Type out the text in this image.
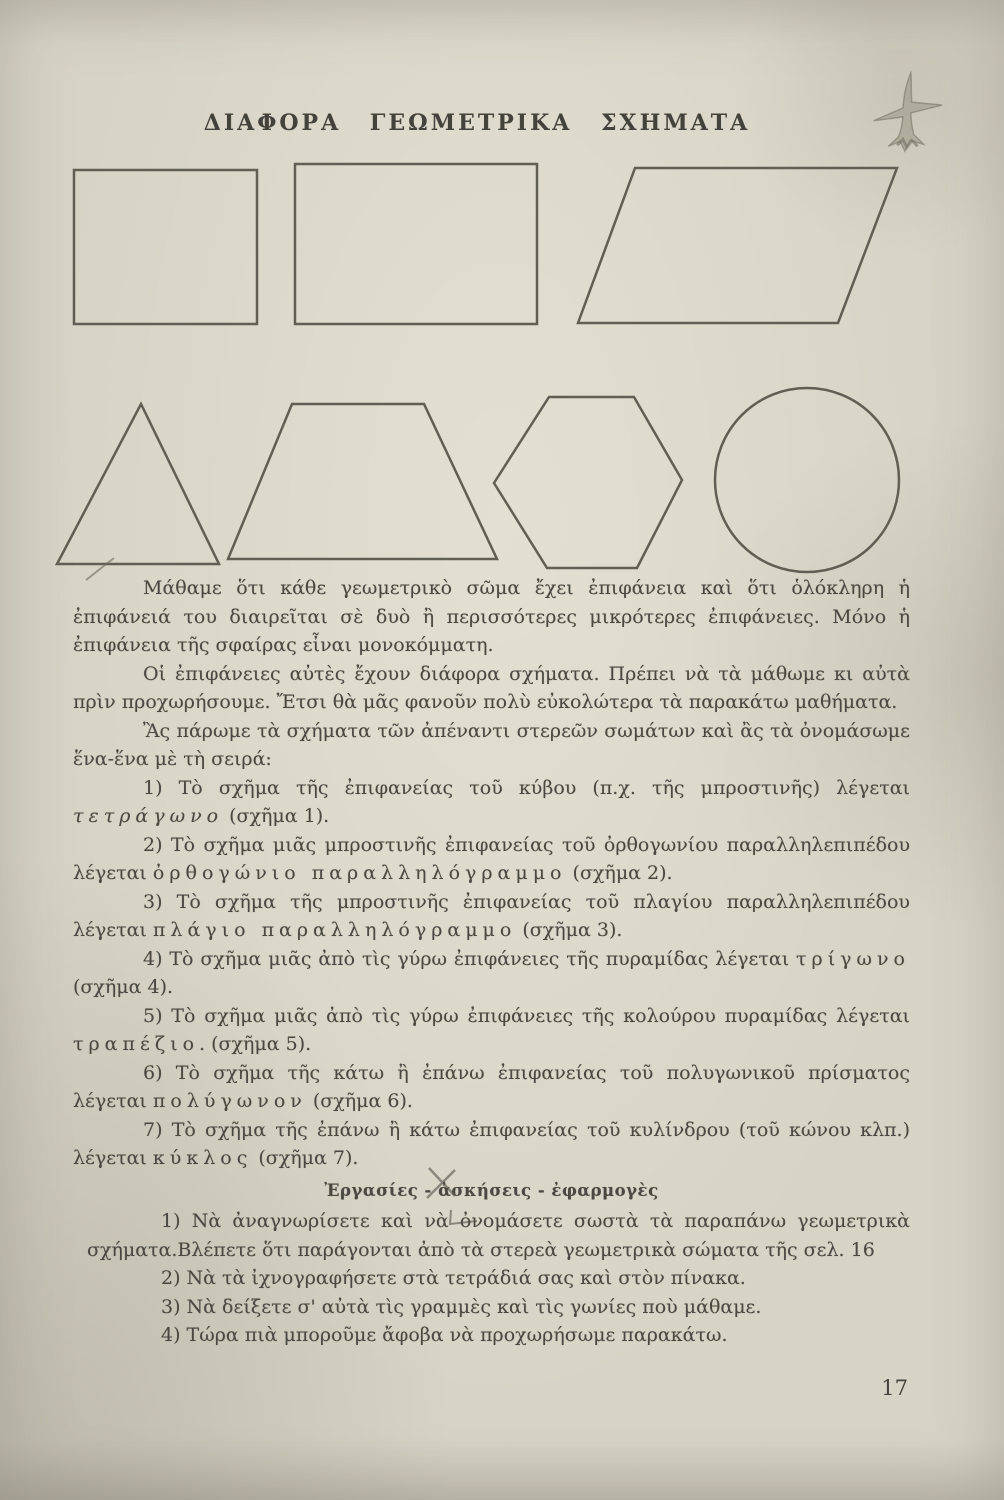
ΔΙΑΦΟΡΑ ΓΕΩΜΕΤΡΙΚΑ ΣΧΗΜΑΤΑ

Μάθαμε ὅτι κάθε γεωμετρικὸ σῶμα ἔχει ἐπιφάνεια καὶ ὅτι ὁλόκληρη ἡ ἐπιφάνειά του διαιρεῖται σὲ δυὸ ἢ περισσότερες μικρότερες ἐπιφάνειες. Μόνο ἡ ἐπιφάνεια τῆς σφαίρας εἶναι μονοκόμματη.

Οἱ ἐπιφάνειες αὐτὲς ἔχουν διάφορα σχήματα. Πρέπει νὰ τὰ μάθωμε κι αὐτὰ πρὶν προχωρήσουμε. Ἔτσι θὰ μᾶς φανοῦν πολὺ εὐκολώτερα τὰ παρακάτω μαθήματα.

Ἂς πάρωμε τὰ σχήματα τῶν ἀπέναντι στερεῶν σωμάτων καὶ ἂς τὰ ὀνομάσωμε ἕνα-ἕνα μὲ τὴ σειρά:

1) Τὸ σχῆμα τῆς ἐπιφανείας τοῦ κύβου (π.χ. τῆς μπροστινῆς) λέγεται τετράγωνο (σχῆμα 1).

2) Τὸ σχῆμα μιᾶς μπροστινῆς ἐπιφανείας τοῦ ὀρθογωνίου παραλληλεπιπέδου λέγεται ὀρθογώνιο παραλληλόγραμμο (σχῆμα 2).

3) Τὸ σχῆμα τῆς μπροστινῆς ἐπιφανείας τοῦ πλαγίου παραλληλεπιπέδου λέγεται πλάγιο παραλληλόγραμμο (σχῆμα 3).

4) Τὸ σχῆμα μιᾶς ἀπὸ τὶς γύρω ἐπιφάνειες τῆς πυραμίδας λέγεται τρίγωνο (σχῆμα 4).

5) Τὸ σχῆμα μιᾶς ἀπὸ τὶς γύρω ἐπιφάνειες τῆς κολούρου πυραμίδας λέγεται τραπέζιο. (σχῆμα 5).

6) Τὸ σχῆμα τῆς κάτω ἢ ἐπάνω ἐπιφανείας τοῦ πολυγωνικοῦ πρίσματος λέγεται πολύγωνον (σχῆμα 6).

7) Τὸ σχῆμα τῆς ἐπάνω ἢ κάτω ἐπιφανείας τοῦ κυλίνδρου (τοῦ κώνου κλπ.) λέγεται κύκλος (σχῆμα 7).

Ἐργασίες - ἀσκήσεις - ἐφαρμογὲς

1) Νὰ ἀναγνωρίσετε καὶ νὰ ὀνομάσετε σωστὰ τὰ παραπάνω γεωμετρικὰ σχήματα.Βλέπετε ὅτι παράγονται ἀπὸ τὰ στερεὰ γεωμετρικὰ σώματα τῆς σελ. 16

2) Νὰ τὰ ἰχνογραφήσετε στὰ τετράδιά σας καὶ στὸν πίνακα.

3) Νὰ δείξετε σ' αὐτὰ τὶς γραμμὲς καὶ τὶς γωνίες ποὺ μάθαμε.

4) Τώρα πιὰ μποροῦμε ἄφοβα νὰ προχωρήσωμε παρακάτω.

17
